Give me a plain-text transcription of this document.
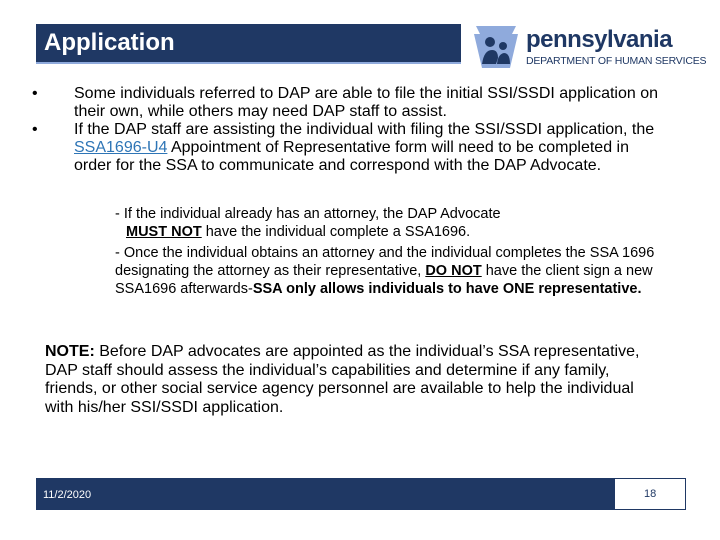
Application	pennsylvania
DEPARTMENT OF HUMAN SERVICES
• Some individuals referred to DAP are able to file the initial SSI/SSDI application on their own, while others may need DAP staff to assist.
• If the DAP staff are assisting the individual with filing the SSI/SSDI application, the SSA1696-U4 Appointment of Representative form will need to be completed in order for the SSA to communicate and correspond with the DAP Advocate.
- If the individual already has an attorney, the DAP Advocate
MUST NOT have the individual complete a SSA1696.
- Once the individual obtains an attorney and the individual completes the SSA 1696 designating the attorney as their representative, DO NOT have the client sign a new SSA1696 afterwards-SSA only allows individuals to have ONE representative.
NOTE: Before DAP advocates are appointed as the individual’s SSA representative, DAP staff should assess the individual’s capabilities and determine if any family, friends, or other social service agency personnel are available to help the individual with his/her SSI/SSDI application.
11/2/2020	18
